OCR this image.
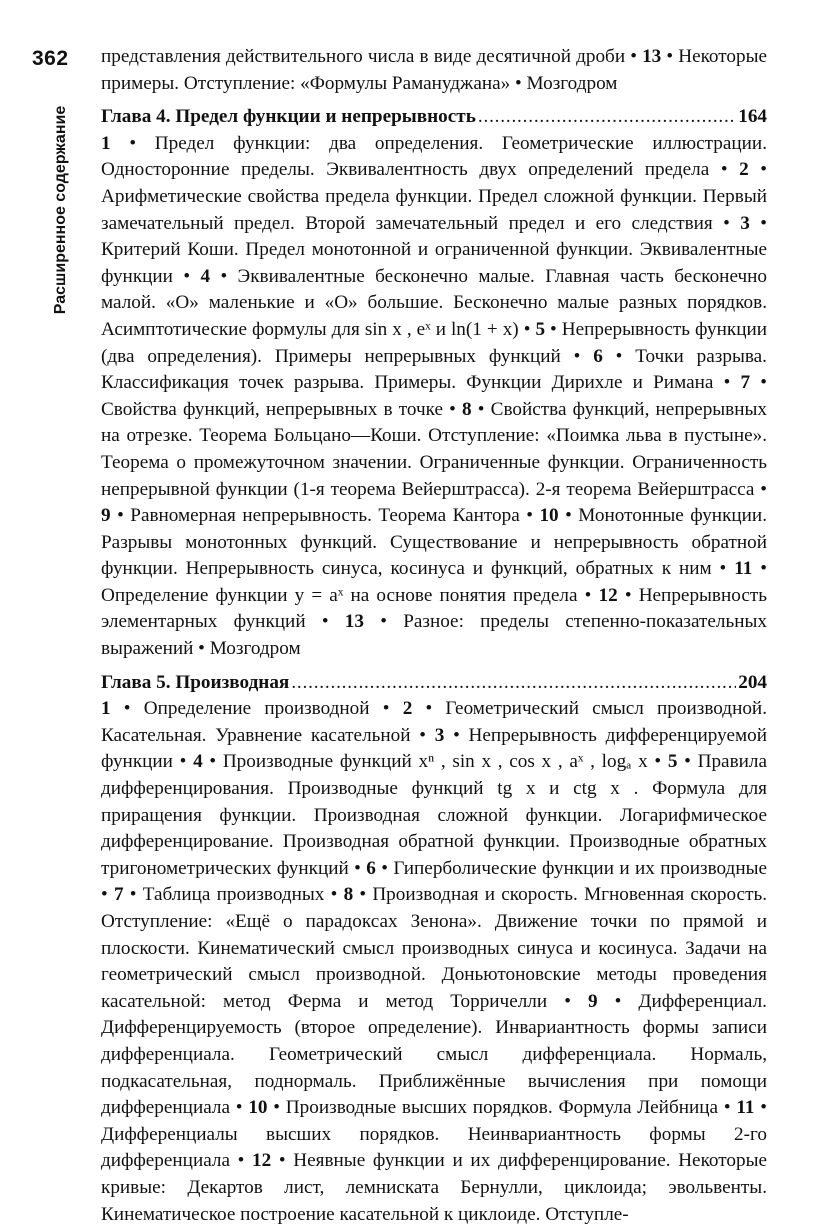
362
Расширенное содержание

представления действительного числа в виде десятичной дроби • 13 • Некоторые примеры. Отступление: «Формулы Рамануджана» • Мозгодром

Глава 4. Предел функции и непрерывность . . .	164

1 • Предел функции: два определения. Геометрические иллюстрации. Односторонние пределы. Эквивалентность двух определений предела • 2 • Арифметические свойства предела функции. Предел сложной функции. Первый замечательный предел. Второй замечательный предел и его следствия • 3 • Критерий Коши. Предел монотонной и ограниченной функции. Эквивалентные функции • 4 • Эквивалентные бесконечно малые. Главная часть бесконечно малой. «О» маленькие и «О» большие. Бесконечно малые разных порядков. Асимптотические формулы для sin x , eˣ и ln(1 + x) • 5 • Непрерывность функции (два определения). Примеры непрерывных функций • 6 • Точки разрыва. Классификация точек разрыва. Примеры. Функции Дирихле и Римана • 7 • Свойства функций, непрерывных в точке • 8 • Свойства функций, непрерывных на отрезке. Теорема Больцано—Коши. Отступление: «Поимка льва в пустыне». Теорема о промежуточном значении. Ограниченные функции. Ограниченность непрерывной функции (1-я теорема Вейерштрасса). 2-я теорема Вейерштрасса • 9 • Равномерная непрерывность. Теорема Кантора • 10 • Монотонные функции. Разрывы монотонных функций. Существование и непрерывность обратной функции. Непрерывность синуса, косинуса и функций, обратных к ним • 11 • Определение функции y = aˣ на основе понятия предела • 12 • Непрерывность элементарных функций • 13 • Разное: пределы степенно-показательных выражений • Мозгодром

Глава 5. Производная . . .	204

1 • Определение производной • 2 • Геометрический смысл производной. Касательная. Уравнение касательной • 3 • Непрерывность дифференцируемой функции • 4 • Производные функций xⁿ , sin x , cos x , aˣ , logₐ x • 5 • Правила дифференцирования. Производные функций tg x и ctg x . Формула для приращения функции. Производная сложной функции. Логарифмическое дифференцирование. Производная обратной функции. Производные обратных тригонометрических функций • 6 • Гиперболические функции и их производные • 7 • Таблица производных • 8 • Производная и скорость. Мгновенная скорость. Отступление: «Ещё о парадоксах Зенона». Движение точки по прямой и плоскости. Кинематический смысл производных синуса и косинуса. Задачи на геометрический смысл производной. Доньютоновские методы проведения касательной: метод Ферма и метод Торричелли • 9 • Дифференциал. Дифференцируемость (второе определение). Инвариантность формы записи дифференциала. Геометрический смысл дифференциала. Нормаль, подкасательная, поднормаль. Приближённые вычисления при помощи дифференциала • 10 • Производные высших порядков. Формула Лейбница • 11 • Дифференциалы высших порядков. Неинвариантность формы 2-го дифференциала • 12 • Неявные функции и их дифференцирование. Некоторые кривые: Декартов лист, лемниската Бернулли, циклоида; эвольвенты. Кинематическое построение касательной к циклоиде. Отступле-
